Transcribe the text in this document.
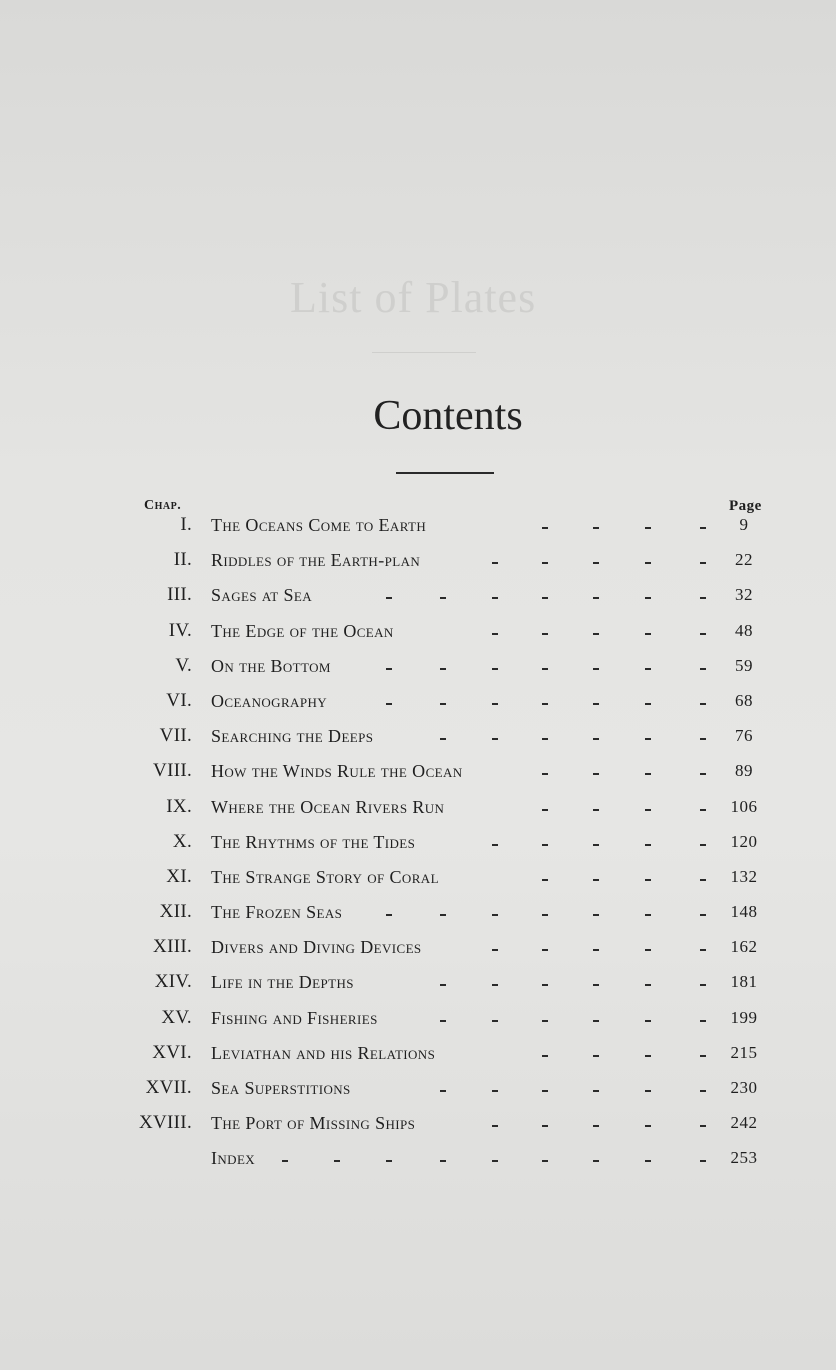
List of Plates
Contents
Chap.	Page
I. The Oceans Come to Earth	9
II. Riddles of the Earth-plan	22
III. Sages at Sea	32
IV. The Edge of the Ocean	48
V. On the Bottom	59
VI. Oceanography	68
VII. Searching the Deeps	76
VIII. How the Winds Rule the Ocean	89
IX. Where the Ocean Rivers Run	106
X. The Rhythms of the Tides	120
XI. The Strange Story of Coral	132
XII. The Frozen Seas	148
XIII. Divers and Diving Devices	162
XIV. Life in the Depths	181
XV. Fishing and Fisheries	199
XVI. Leviathan and his Relations	215
XVII. Sea Superstitions	230
XVIII. The Port of Missing Ships	242
Index	253
